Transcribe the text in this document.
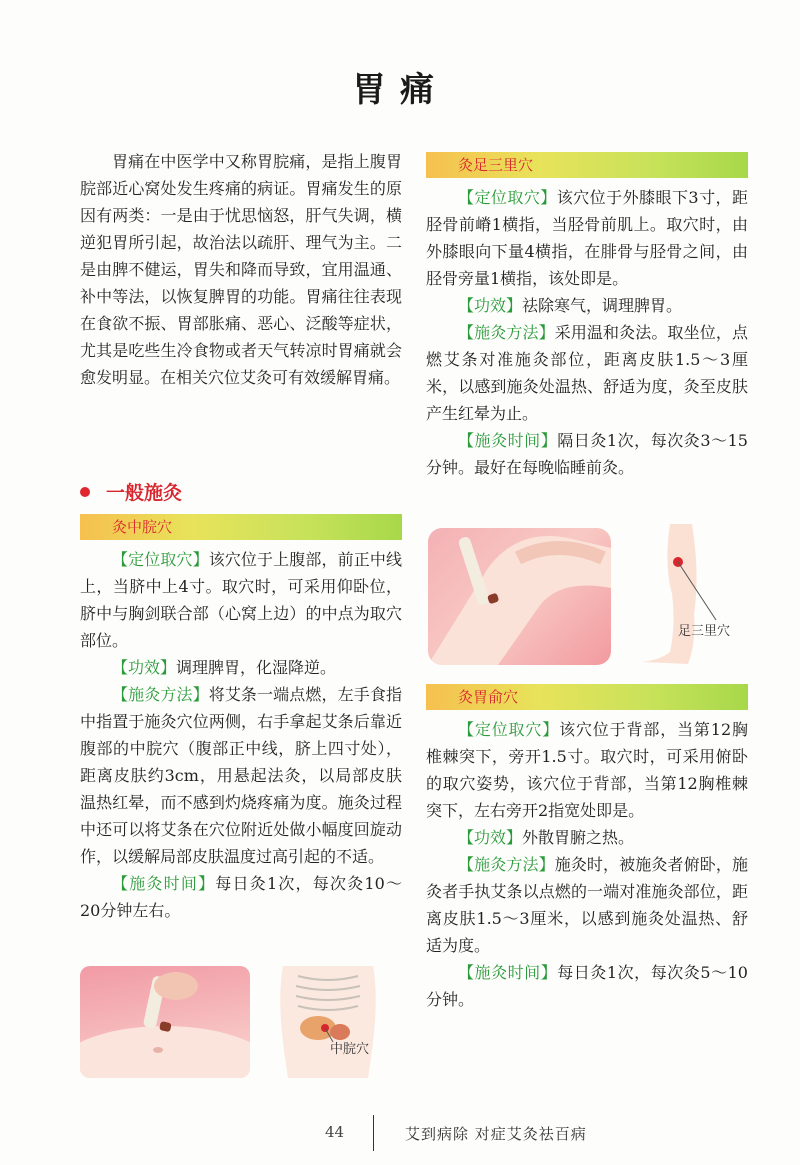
胃痛

胃痛在中医学中又称胃脘痛，是指上腹胃脘部近心窝处发生疼痛的病证。胃痛发生的原因有两类：一是由于忧思恼怒，肝气失调，横逆犯胃所引起，故治法以疏肝、理气为主。二是由脾不健运，胃失和降而导致，宜用温通、补中等法，以恢复脾胃的功能。胃痛往往表现在食欲不振、胃部胀痛、恶心、泛酸等症状，尤其是吃些生冷食物或者天气转凉时胃痛就会愈发明显。在相关穴位艾灸可有效缓解胃痛。

一般施灸
灸中脘穴

【定位取穴】该穴位于上腹部，前正中线上，当脐中上4寸。取穴时，可采用仰卧位，脐中与胸剑联合部（心窝上边）的中点为取穴部位。

【功效】调理脾胃，化湿降逆。

【施灸方法】将艾条一端点燃，左手食指中指置于施灸穴位两侧，右手拿起艾条后靠近腹部的中脘穴（腹部正中线，脐上四寸处），距离皮肤约3cm，用悬起法灸，以局部皮肤温热红晕，而不感到灼烧疼痛为度。施灸过程中还可以将艾条在穴位附近处做小幅度回旋动作，以缓解局部皮肤温度过高引起的不适。

【施灸时间】每日灸1次，每次灸10～20分钟左右。

中脘穴
灸足三里穴

【定位取穴】该穴位于外膝眼下3寸，距胫骨前嵴1横指，当胫骨前肌上。取穴时，由外膝眼向下量4横指，在腓骨与胫骨之间，由胫骨旁量1横指，该处即是。

【功效】祛除寒气，调理脾胃。

【施灸方法】采用温和灸法。取坐位，点燃艾条对准施灸部位，距离皮肤1.5～3厘米，以感到施灸处温热、舒适为度，灸至皮肤产生红晕为止。

【施灸时间】隔日灸1次，每次灸3～15分钟。最好在每晚临睡前灸。

足三里穴
灸胃俞穴

【定位取穴】该穴位于背部，当第12胸椎棘突下，旁开1.5寸。取穴时，可采用俯卧的取穴姿势，该穴位于背部，当第12胸椎棘突下，左右旁开2指宽处即是。

【功效】外散胃腑之热。

【施灸方法】施灸时，被施灸者俯卧，施灸者手执艾条以点燃的一端对准施灸部位，距离皮肤1.5～3厘米，以感到施灸处温热、舒适为度。

【施灸时间】每日灸1次，每次灸5～10分钟。

44	艾到病除 对症艾灸祛百病
